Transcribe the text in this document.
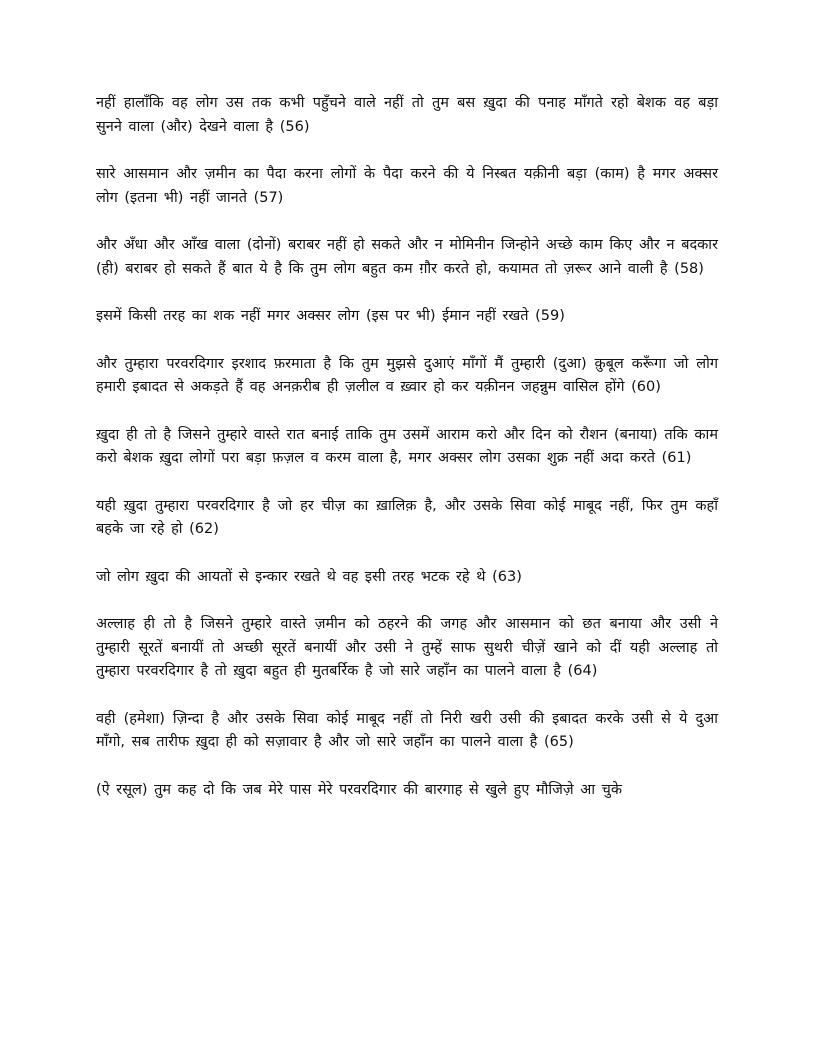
नहीं हालाँकि वह लोग उस तक कभी पहुँचने वाले नहीं तो तुम बस ख़ुदा की पनाह माँगते रहो बेशक वह बड़ा सुनने वाला (और) देखने वाला है (56)

सारे आसमान और ज़मीन का पैदा करना लोगों के पैदा करने की ये निस्बत यक़ीनी बड़ा (काम) है मगर अक्सर लोग (इतना भी) नहीं जानते (57)

और अँधा और आँख वाला (दोनों) बराबर नहीं हो सकते और न मोमिनीन जिन्होने अच्छे काम किए और न बदकार (ही) बराबर हो सकते हैं बात ये है कि तुम लोग बहुत कम ग़ौर करते हो, कयामत तो ज़रूर आने वाली है (58)

इसमें किसी तरह का शक नहीं मगर अक्सर लोग (इस पर भी) ईमान नहीं रखते (59)

और तुम्हारा परवरदिगार इरशाद फ़रमाता है कि तुम मुझसे दुआएं माँगों मैं तुम्हारी (दुआ) क़ुबूल करूँगा जो लोग हमारी इबादत से अकड़ते हैं वह अनक़रीब ही ज़लील व ख़्वार हो कर यक़ीनन जहन्नुम वासिल होंगे (60)

ख़ुदा ही तो है जिसने तुम्हारे वास्ते रात बनाई ताकि तुम उसमें आराम करो और दिन को रौशन (बनाया) तकि काम करो बेशक ख़ुदा लोगों परा बड़ा फ़ज़ल व करम वाला है, मगर अक्सर लोग उसका शुक्र नहीं अदा करते (61)

यही ख़ुदा तुम्हारा परवरदिगार है जो हर चीज़ का ख़ालिक़ है, और उसके सिवा कोई माबूद नहीं, फिर तुम कहाँ बहके जा रहे हो (62)

जो लोग ख़ुदा की आयतों से इन्कार रखते थे वह इसी तरह भटक रहे थे (63)

अल्लाह ही तो है जिसने तुम्हारे वास्ते ज़मीन को ठहरने की जगह और आसमान को छत बनाया और उसी ने तुम्हारी सूरतें बनायीं तो अच्छी सूरतें बनायीं और उसी ने तुम्हें साफ सुथरी चीज़ें खाने को दीं यही अल्लाह तो तुम्हारा परवरदिगार है तो ख़ुदा बहुत ही मुतबर्रिक है जो सारे जहाँन का पालने वाला है (64)

वही (हमेशा) ज़िन्दा है और उसके सिवा कोई माबूद नहीं तो निरी खरी उसी की इबादत करके उसी से ये दुआ माँगो, सब तारीफ ख़ुदा ही को सज़ावार है और जो सारे जहाँन का पालने वाला है (65)

(ऐ रसूल) तुम कह दो कि जब मेरे पास मेरे परवरदिगार की बारगाह से खुले हुए मौजिज़े आ चुके
